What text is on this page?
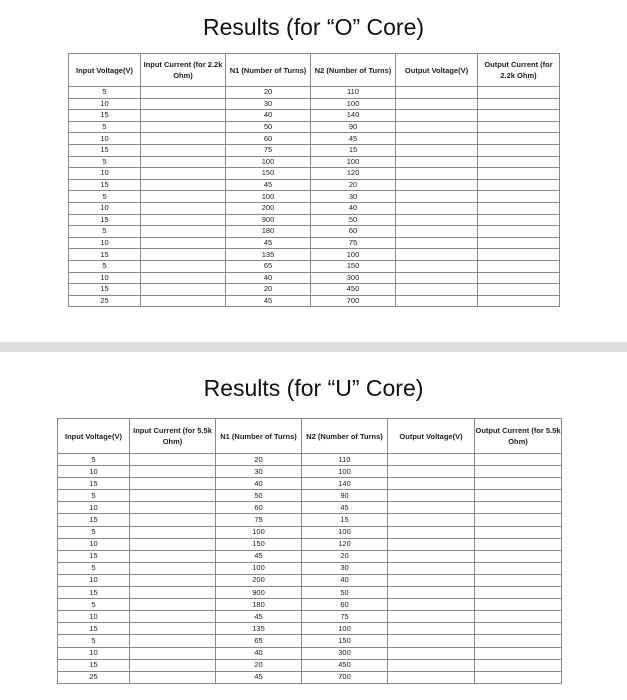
Results (for “O” Core)
Input Voltage(V)	Input Current (for 2.2k Ohm)	N1 (Number of Turns)	N2 (Number of Turns)	Output Voltage(V)	Output Current (for 2.2k Ohm)
5		20	110		
10		30	100		
15		40	140		
5		50	90		
10		60	45		
15		75	15		
5		100	100		
10		150	120		
15		45	20		
5		100	30		
10		200	40		
15		900	50		
5		180	60		
10		45	75		
15		135	100		
5		65	150		
10		40	300		
15		20	450		
25		45	700		
Results (for “U” Core)
Input Voltage(V)	Input Current (for 5.5k Ohm)	N1 (Number of Turns)	N2 (Number of Turns)	Output Voltage(V)	Output Current (for 5.5k Ohm)
5		20	110		
10		30	100		
15		40	140		
5		50	90		
10		60	45		
15		75	15		
5		100	100		
10		150	120		
15		45	20		
5		100	30		
10		200	40		
15		900	50		
5		180	60		
10		45	75		
15		135	100		
5		65	150		
10		40	300		
15		20	450		
25		45	700		
